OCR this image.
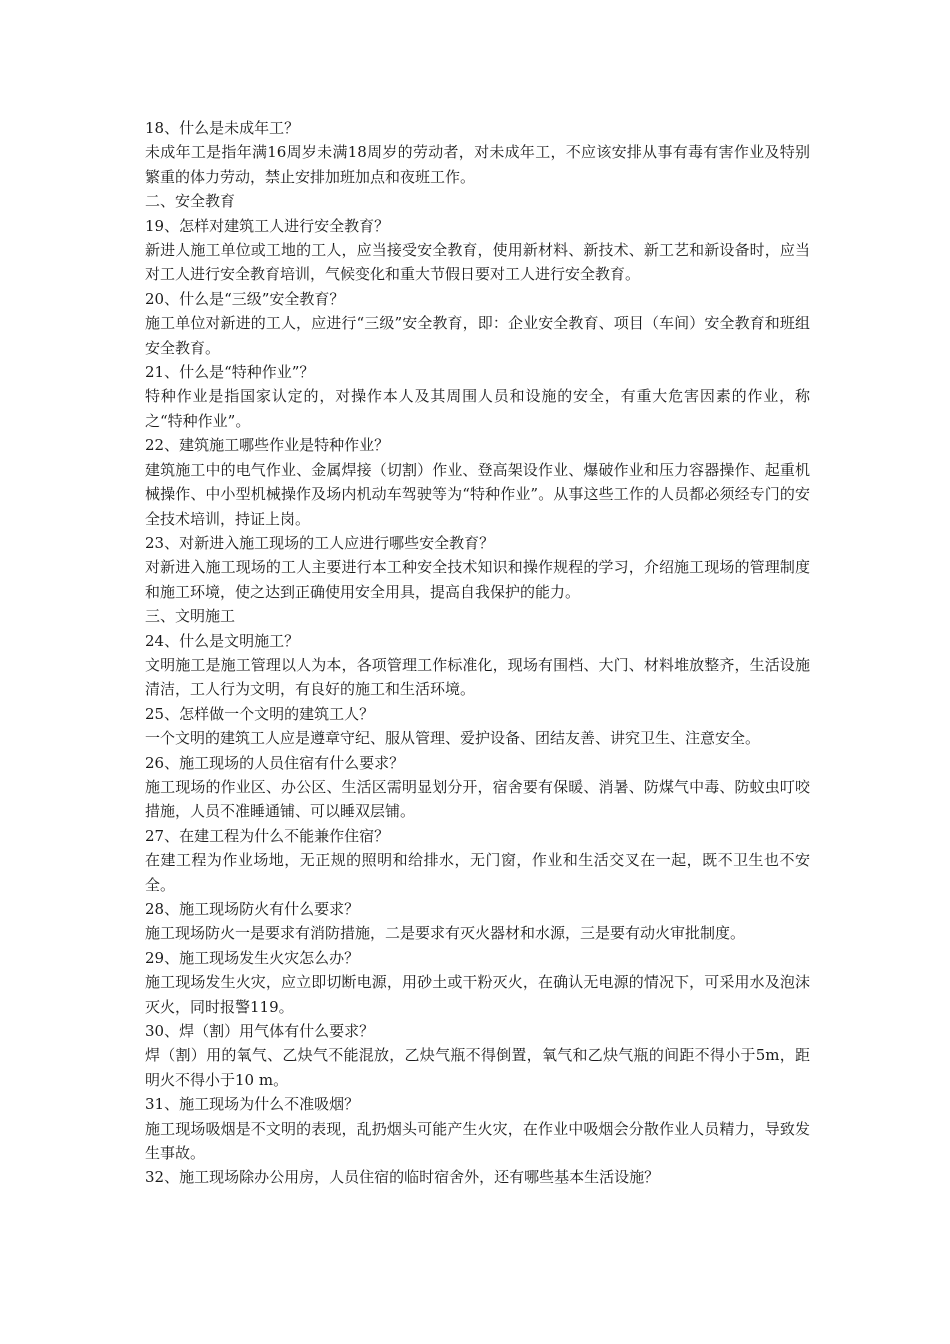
18、什么是未成年工？

未成年工是指年满16周岁未满18周岁的劳动者，对未成年工，不应该安排从事有毒有害作业及特别繁重的体力劳动，禁止安排加班加点和夜班工作。

二、安全教育

19、怎样对建筑工人进行安全教育？

新进人施工单位或工地的工人，应当接受安全教育，使用新材料、新技术、新工艺和新设备时，应当对工人进行安全教育培训，气候变化和重大节假日要对工人进行安全教育。

20、什么是“三级”安全教育？

施工单位对新进的工人，应进行“三级”安全教育，即：企业安全教育、项目（车间）安全教育和班组安全教育。

21、什么是“特种作业”？

特种作业是指国家认定的，对操作本人及其周围人员和设施的安全，有重大危害因素的作业，称之“特种作业”。

22、建筑施工哪些作业是特种作业？

建筑施工中的电气作业、金属焊接（切割）作业、登高架设作业、爆破作业和压力容器操作、起重机械操作、中小型机械操作及场内机动车驾驶等为“特种作业”。从事这些工作的人员都必须经专门的安全技术培训，持证上岗。

23、对新进入施工现场的工人应进行哪些安全教育？

对新进入施工现场的工人主要进行本工种安全技术知识和操作规程的学习，介绍施工现场的管理制度和施工环境，使之达到正确使用安全用具，提高自我保护的能力。

三、文明施工

24、什么是文明施工？

文明施工是施工管理以人为本，各项管理工作标准化，现场有围档、大门、材料堆放整齐，生活设施清洁，工人行为文明，有良好的施工和生活环境。

25、怎样做一个文明的建筑工人？

一个文明的建筑工人应是遵章守纪、服从管理、爱护设备、团结友善、讲究卫生、注意安全。

26、施工现场的人员住宿有什么要求？

施工现场的作业区、办公区、生活区需明显划分开，宿舍要有保暖、消暑、防煤气中毒、防蚊虫叮咬措施，人员不准睡通铺、可以睡双层铺。

27、在建工程为什么不能兼作住宿？

在建工程为作业场地，无正规的照明和给排水，无门窗，作业和生活交叉在一起，既不卫生也不安全。

28、施工现场防火有什么要求？

施工现场防火一是要求有消防措施，二是要求有灭火器材和水源，三是要有动火审批制度。

29、施工现场发生火灾怎么办？

施工现场发生火灾，应立即切断电源，用砂土或干粉灭火，在确认无电源的情况下，可采用水及泡沫灭火，同时报警119。

30、焊（割）用气体有什么要求？

焊（割）用的氧气、乙炔气不能混放，乙炔气瓶不得倒置，氧气和乙炔气瓶的间距不得小于5m，距明火不得小于10 m。

31、施工现场为什么不准吸烟？

施工现场吸烟是不文明的表现，乱扔烟头可能产生火灾，在作业中吸烟会分散作业人员精力，导致发生事故。

32、施工现场除办公用房，人员住宿的临时宿舍外，还有哪些基本生活设施？
